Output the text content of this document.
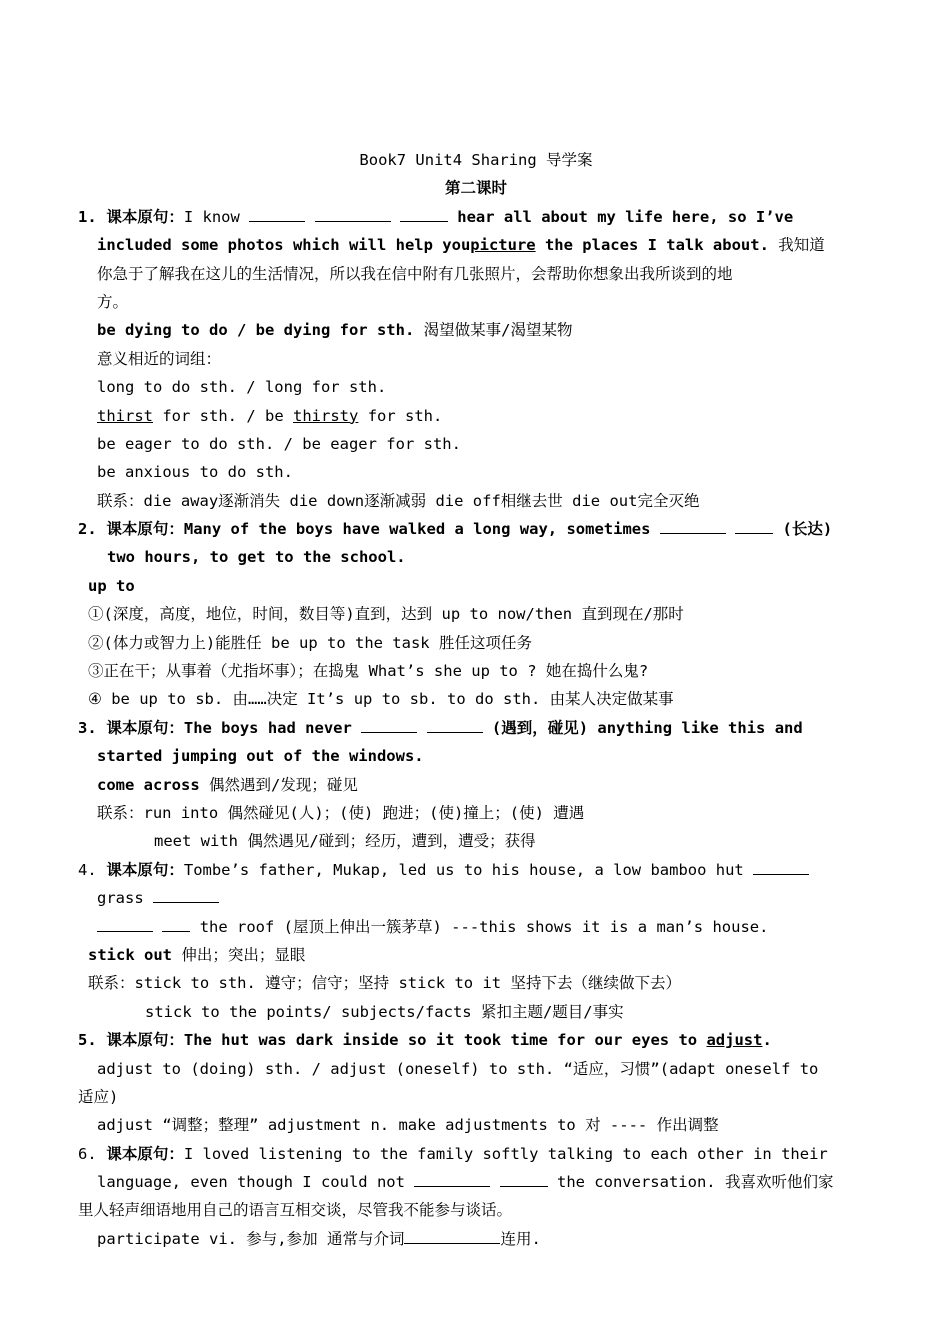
Book7 Unit4 Sharing 导学案
第二课时
1. 课本原句：I know	hear all about my life here, so I’ve
included some photos which will help youpicture the places I talk about. 我知道
你急于了解我在这儿的生活情况，所以我在信中附有几张照片，会帮助你想象出我所谈到的地
方。
be dying to do / be dying for sth. 渴望做某事/渴望某物
意义相近的词组：
long to do sth. / long for sth.
thirst for sth. / be thirsty for sth.
be eager to do sth. / be eager for sth.
be anxious to do sth.
联系：die away逐渐消失 die down逐渐减弱 die off相继去世 die out完全灭绝
2. 课本原句：Many of the boys have walked a long way, sometimes	(长达)
two hours, to get to the school.
up to
①(深度，高度，地位，时间，数目等)直到，达到 up to now/then 直到现在/那时
②(体力或智力上)能胜任 be up to the task 胜任这项任务
③正在干；从事着（尤指坏事）；在捣鬼 What’s she up to ? 她在捣什么鬼?
④ be up to sb. 由……决定 It’s up to sb. to do sth. 由某人决定做某事
3. 课本原句：The boys had never	(遇到，碰见) anything like this and
started jumping out of the windows.
come across 偶然遇到/发现；碰见
联系：run into 偶然碰见(人)；(使) 跑进；(使)撞上；(使) 遭遇
meet with 偶然遇见/碰到；经历，遭到，遭受；获得
4. 课本原句：Tombe’s father, Mukap, led us to his house, a low bamboo hut
grass
the roof (屋顶上伸出一簇茅草) ---this shows it is a man’s house.
stick out 伸出；突出；显眼
联系：stick to sth. 遵守；信守；坚持 stick to it 坚持下去（继续做下去）
stick to the points/ subjects/facts 紧扣主题/题目/事实
5. 课本原句：The hut was dark inside so it took time for our eyes to adjust.
adjust to (doing) sth. / adjust (oneself) to sth. “适应，习惯”(adapt oneself to
适应)
adjust “调整；整理” adjustment n. make adjustments to 对 ---- 作出调整
6. 课本原句：I loved listening to the family softly talking to each other in their
language, even though I could not	the conversation. 我喜欢听他们家
里人轻声细语地用自己的语言互相交谈，尽管我不能参与谈话。
participate vi. 参与,参加 通常与介词	连用.
